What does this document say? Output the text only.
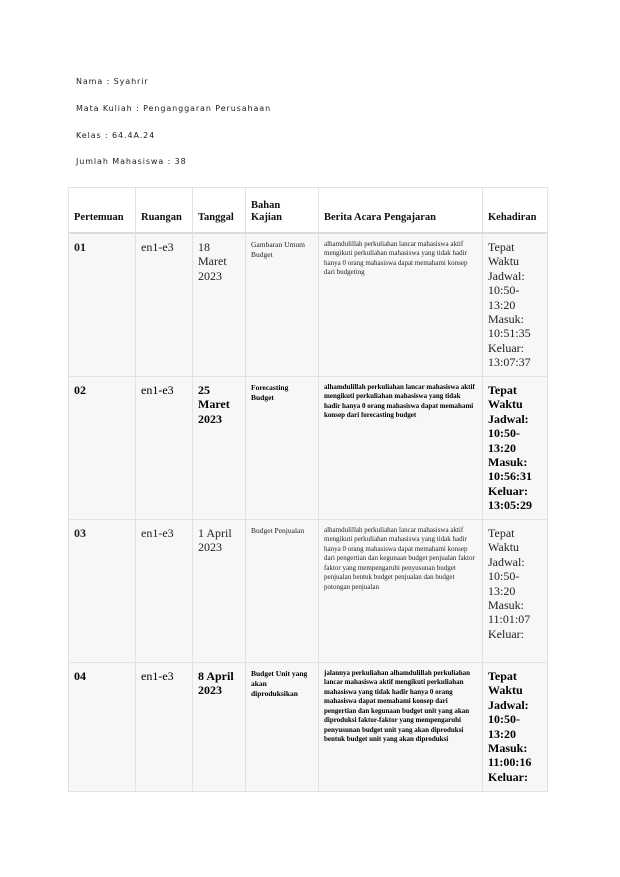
Nama : Syahrir
Mata Kuliah : Penganggaran Perusahaan
Kelas : 64.4A.24
Jumlah Mahasiswa : 38
Pertemuan	Ruangan	Tanggal	Bahan Kajian	Berita Acara Pengajaran	Kehadiran
01	en1-e3	18 Maret 2023	Gambaran Umum Budget	alhamdulillah perkuliahan lancar mahasiswa aktif mengikuti perkuliahan mahasiswa yang tidak hadir hanya 0 orang mahasiswa dapat memahami konsep dari budgeting	Tepat Waktu Jadwal: 10:50-13:20 Masuk: 10:51:35 Keluar: 13:07:37
02	en1-e3	25 Maret 2023	Forecasting Budget	alhamdulillah perkuliahan lancar mahasiswa aktif mengikuti perkuliahan mahasiswa yang tidak hadir hanya 0 orang mahasiswa dapat memahami konsep dari forecasting budget	Tepat Waktu Jadwal: 10:50-13:20 Masuk: 10:56:31 Keluar: 13:05:29
03	en1-e3	1 April 2023	Budget Penjualan	alhamdulillah perkuliahan lancar mahasiswa aktif mengikuti perkuliahan mahasiswa yang tidak hadir hanya 0 orang mahasiswa dapat memahami konsep dari pengertian dan kegunaan budget penjualan faktor faktor yang mempengaruhi penyusunan budget penjualan bentuk budget penjualan dan budget potongan penjualan	Tepat Waktu Jadwal: 10:50-13:20 Masuk: 11:01:07 Keluar:
04	en1-e3	8 April 2023	Budget Unit yang akan diproduksikan	jalannya perkuliahan alhamdulillah perkuliahan lancar mahasiswa aktif mengikuti perkuliahan mahasiswa yang tidak hadir hanya 0 orang mahasiswa dapat memahami konsep dari pengertian dan kegunaan budget unit yang akan diproduksi faktor-faktor yang mempengaruhi penyusunan budget unit yang akan diproduksi bentuk budget unit yang akan diproduksi	Tepat Waktu Jadwal: 10:50-13:20 Masuk: 11:00:16 Keluar:
